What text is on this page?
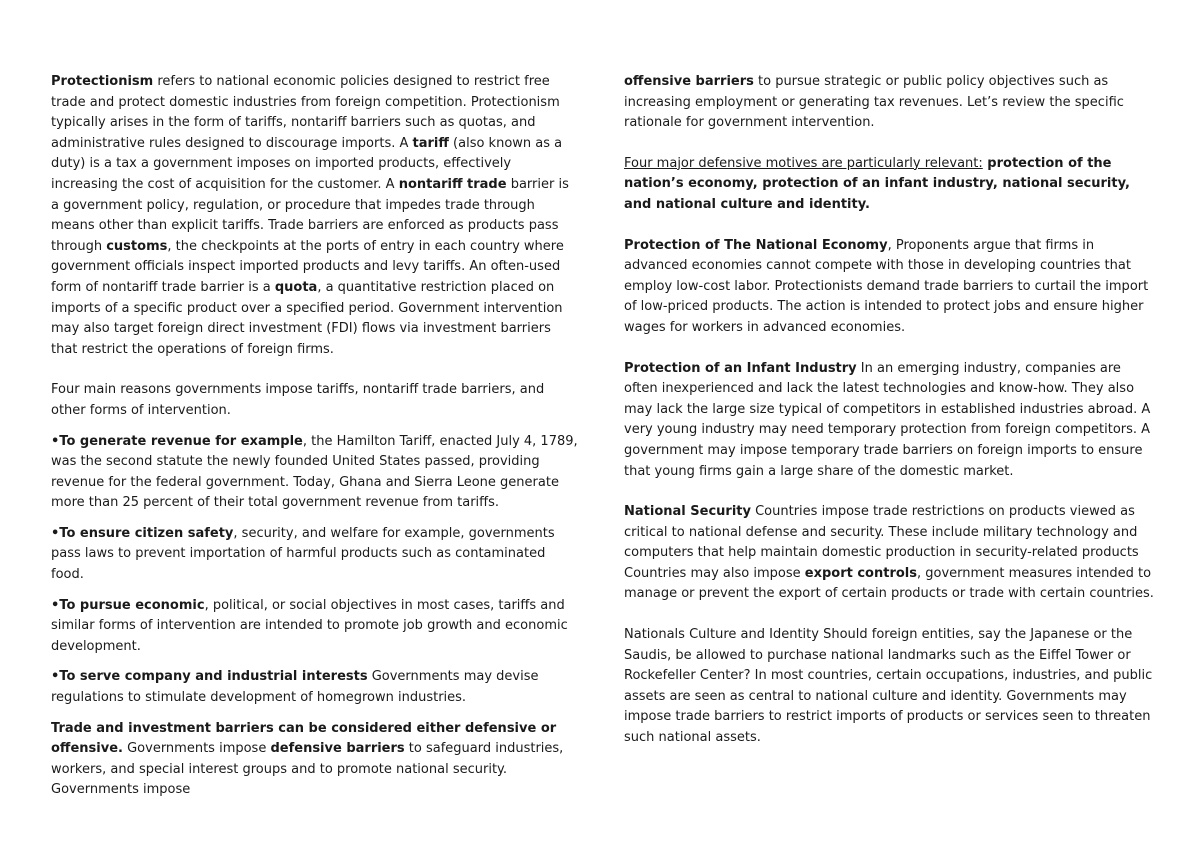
Protectionism refers to national economic policies designed to restrict free trade and protect domestic industries from foreign competition. Protectionism typically arises in the form of tariffs, nontariff barriers such as quotas, and administrative rules designed to discourage imports. A tariff (also known as a duty) is a tax a government imposes on imported products, effectively increasing the cost of acquisition for the customer. A nontariff trade barrier is a government policy, regulation, or procedure that impedes trade through means other than explicit tariffs. Trade barriers are enforced as products pass through customs, the checkpoints at the ports of entry in each country where government officials inspect imported products and levy tariffs. An often-used form of nontariff trade barrier is a quota, a quantitative restriction placed on imports of a specific product over a specified period. Government intervention may also target foreign direct investment (FDI) flows via investment barriers that restrict the operations of foreign firms.

Four main reasons governments impose tariffs, nontariff trade barriers, and other forms of intervention.

•To generate revenue for example, the Hamilton Tariff, enacted July 4, 1789, was the second statute the newly founded United States passed, providing revenue for the federal government. Today, Ghana and Sierra Leone generate more than 25 percent of their total government revenue from tariffs.

•To ensure citizen safety, security, and welfare for example, governments pass laws to prevent importation of harmful products such as contaminated food.

•To pursue economic, political, or social objectives in most cases, tariffs and similar forms of intervention are intended to promote job growth and economic development.

•To serve company and industrial interests Governments may devise regulations to stimulate development of homegrown industries.

Trade and investment barriers can be considered either defensive or offensive. Governments impose defensive barriers to safeguard industries, workers, and special interest groups and to promote national security. Governments impose

offensive barriers to pursue strategic or public policy objectives such as increasing employment or generating tax revenues. Let’s review the specific rationale for government intervention.

Four major defensive motives are particularly relevant: protection of the nation’s economy, protection of an infant industry, national security, and national culture and identity.

Protection of The National Economy, Proponents argue that firms in advanced economies cannot compete with those in developing countries that employ low-cost labor. Protectionists demand trade barriers to curtail the import of low-priced products. The action is intended to protect jobs and ensure higher wages for workers in advanced economies.

Protection of an Infant Industry In an emerging industry, companies are often inexperienced and lack the latest technologies and know-how. They also may lack the large size typical of competitors in established industries abroad. A very young industry may need temporary protection from foreign competitors. A government may impose temporary trade barriers on foreign imports to ensure that young firms gain a large share of the domestic market.

National Security Countries impose trade restrictions on products viewed as critical to national defense and security. These include military technology and computers that help maintain domestic production in security-related products Countries may also impose export controls, government measures intended to manage or prevent the export of certain products or trade with certain countries.

Nationals Culture and Identity Should foreign entities, say the Japanese or the Saudis, be allowed to purchase national landmarks such as the Eiffel Tower or Rockefeller Center? In most countries, certain occupations, industries, and public assets are seen as central to national culture and identity. Governments may impose trade barriers to restrict imports of products or services seen to threaten such national assets.
